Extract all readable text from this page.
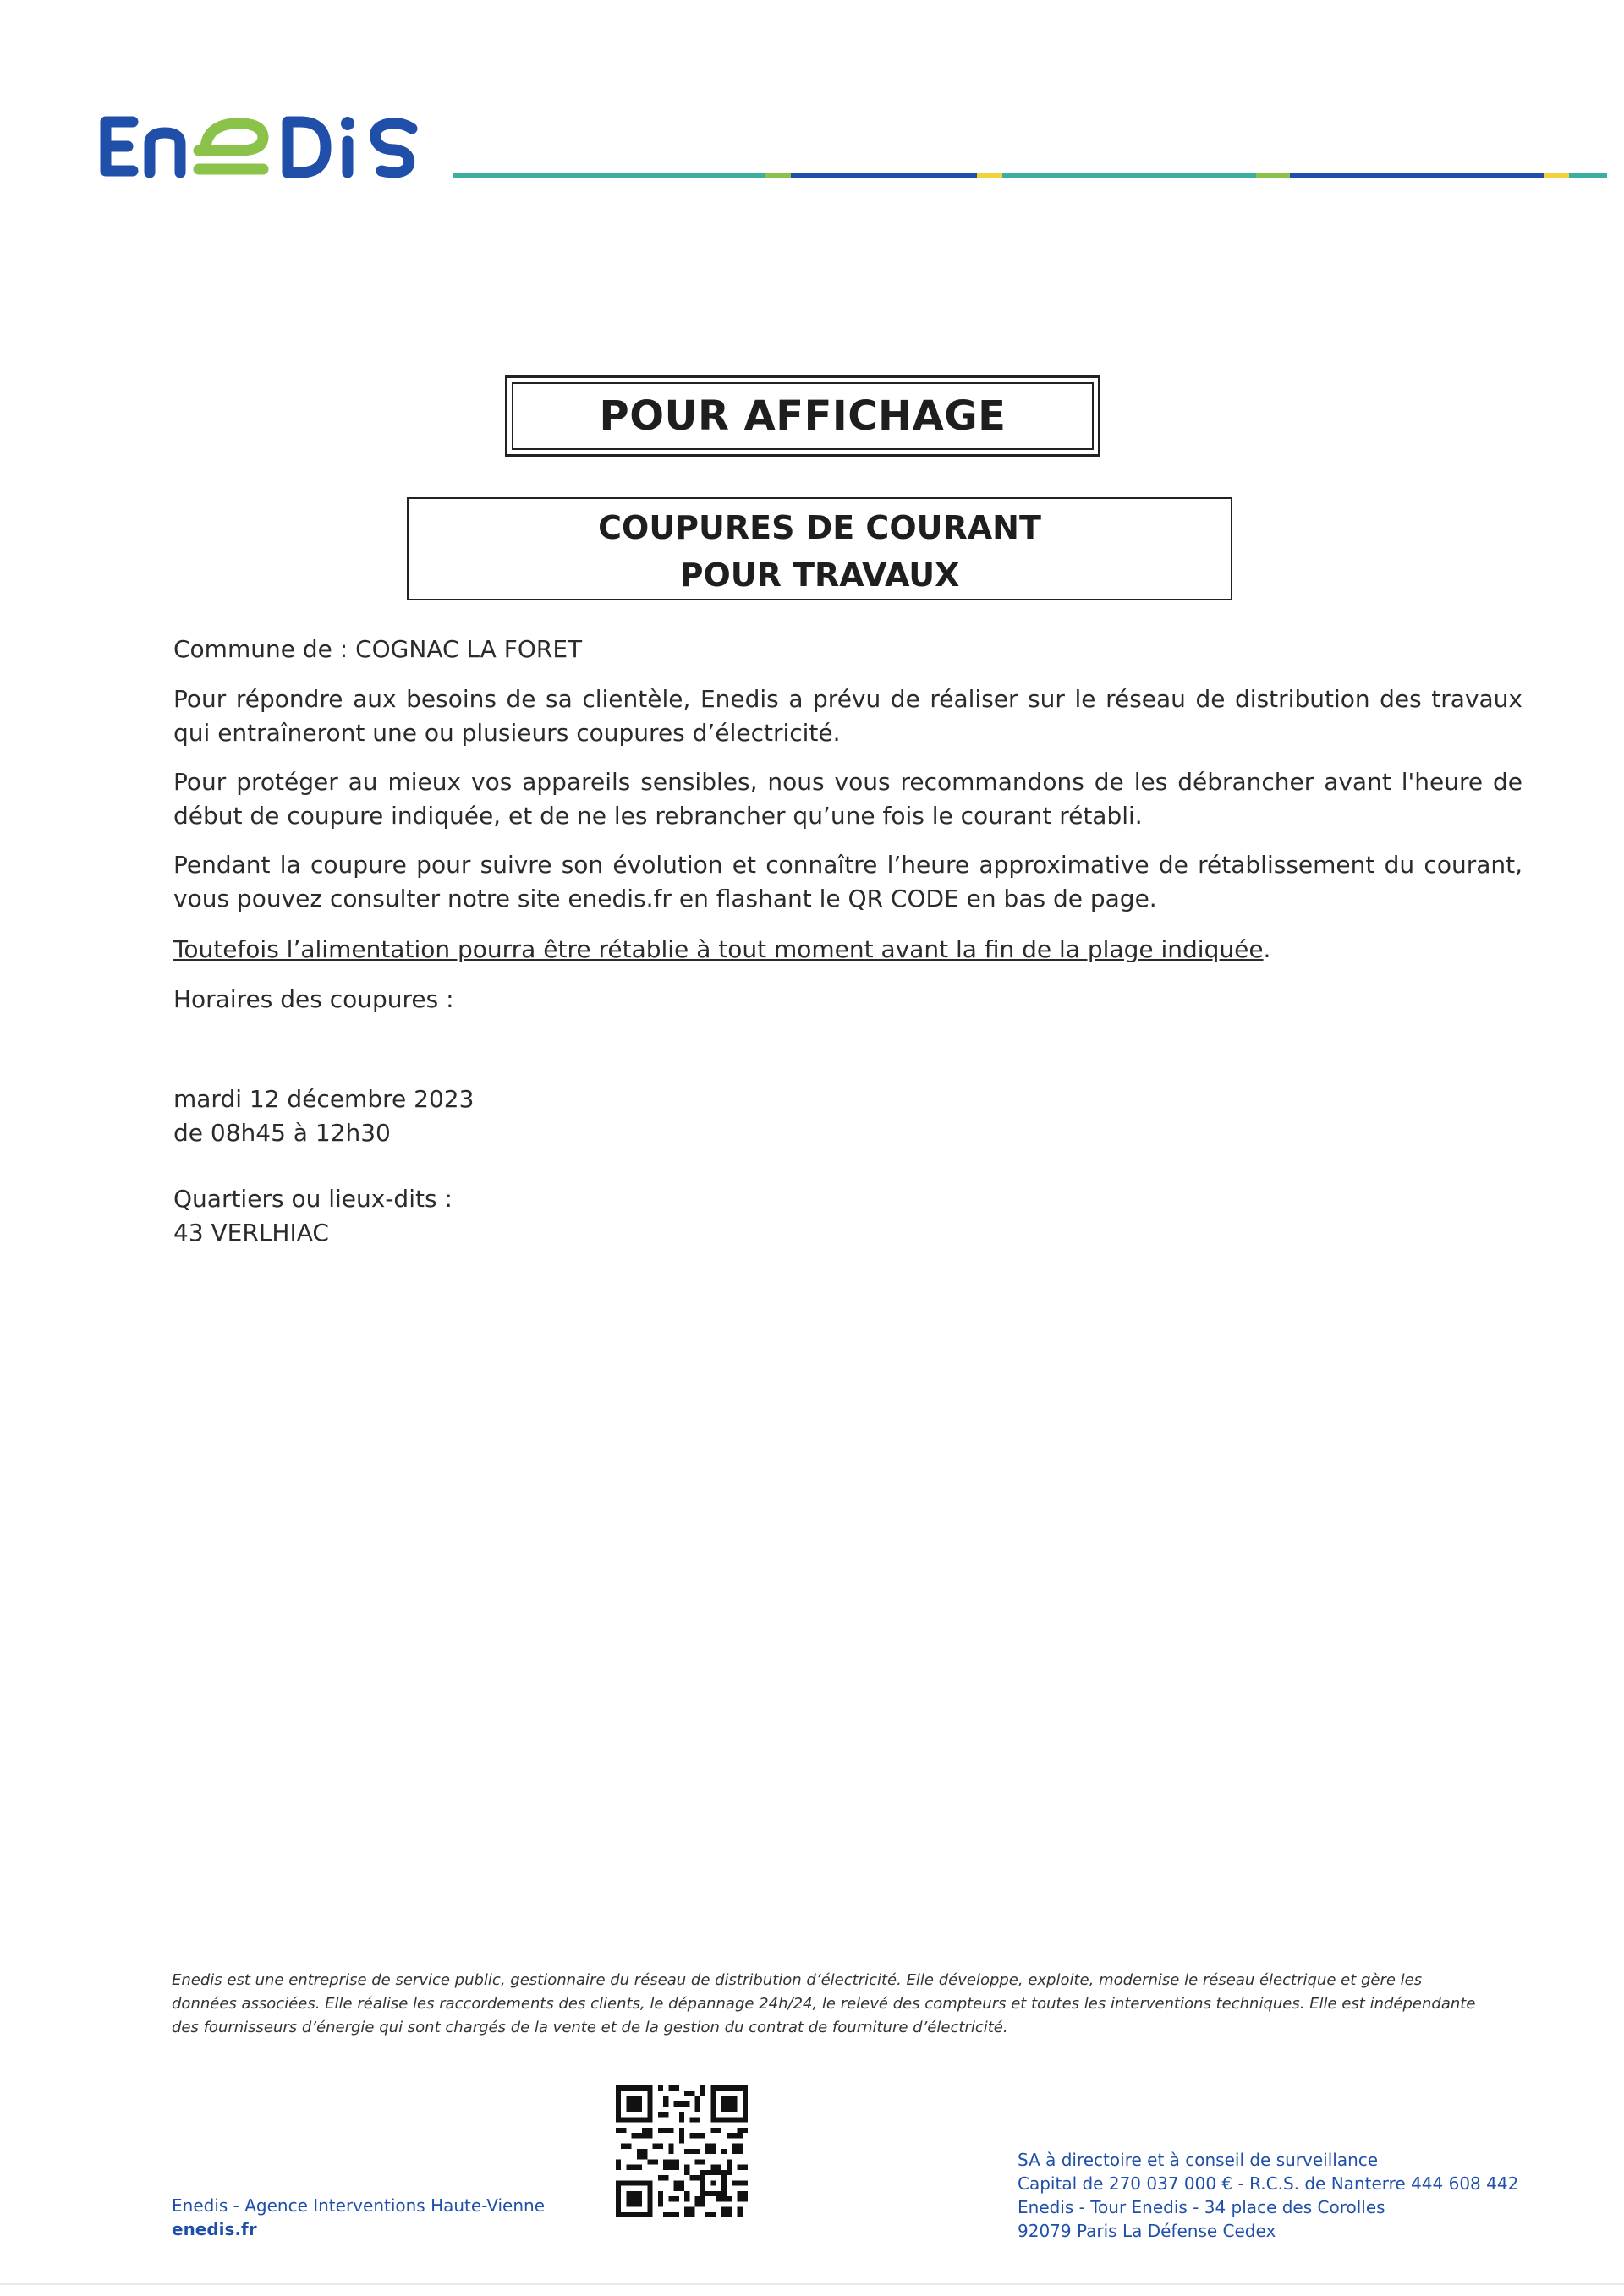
POUR AFFICHAGE
COUPURES DE COURANT
POUR TRAVAUX
Commune de : COGNAC LA FORET
Pour répondre aux besoins de sa clientèle, Enedis a prévu de réaliser sur le réseau de distribution des travaux qui entraîneront une ou plusieurs coupures d’électricité.
Pour protéger au mieux vos appareils sensibles, nous vous recommandons de les débrancher avant l'heure de début de coupure indiquée, et de ne les rebrancher qu’une fois le courant rétabli.
Pendant la coupure pour suivre son évolution et connaître l’heure approximative de rétablissement du courant, vous pouvez consulter notre site enedis.fr en flashant le QR CODE en bas de page.
Toutefois l’alimentation pourra être rétablie à tout moment avant la fin de la plage indiquée.
Horaires des coupures :
mardi 12 décembre 2023
de 08h45 à 12h30
Quartiers ou lieux-dits :
43 VERLHIAC
Enedis est une entreprise de service public, gestionnaire du réseau de distribution d’électricité. Elle développe, exploite, modernise le réseau électrique et gère les données associées. Elle réalise les raccordements des clients, le dépannage 24h/24, le relevé des compteurs et toutes les interventions techniques. Elle est indépendante des fournisseurs d’énergie qui sont chargés de la vente et de la gestion du contrat de fourniture d’électricité.
Enedis - Agence Interventions Haute-Vienne
enedis.fr
SA à directoire et à conseil de surveillance
Capital de 270 037 000 € - R.C.S. de Nanterre 444 608 442
Enedis - Tour Enedis - 34 place des Corolles
92079 Paris La Défense Cedex
